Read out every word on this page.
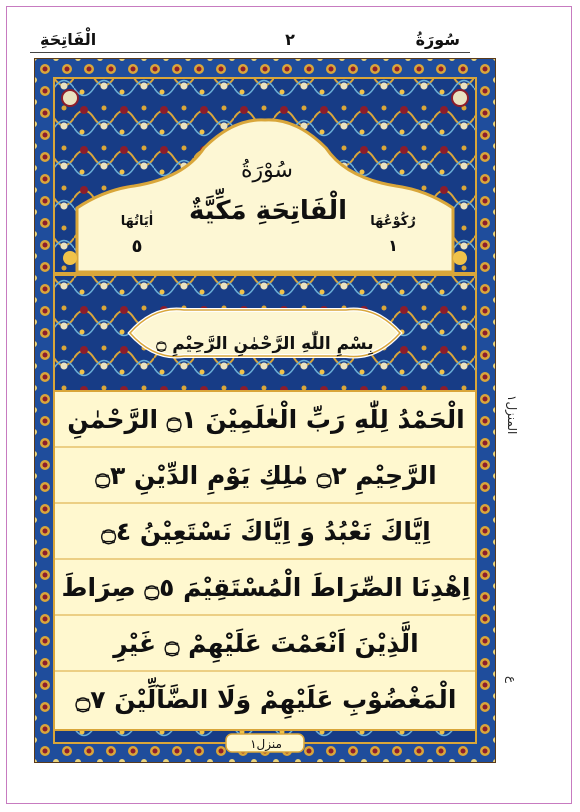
الْفَاتِحَةِ	٢	سُورَةُ
سُوْرَةُ
الْفَاتِحَةِ مَكِّيَّةٌ
اٰيَاتُهَا
٥
رُكُوْعُهَا
١
بِسْمِ اللّٰهِ الرَّحْمٰنِ الرَّحِيْمِ ۝
الْحَمْدُ لِلّٰهِ رَبِّ الْعٰلَمِيْنَ ۝١ الرَّحْمٰنِ
الرَّحِيْمِ ۝٢ مٰلِكِ يَوْمِ الدِّيْنِ ۝٣
اِيَّاكَ نَعْبُدُ وَ اِيَّاكَ نَسْتَعِيْنُ ۝٤
اِهْدِنَا الصِّرَاطَ الْمُسْتَقِيْمَ ۝٥ صِرَاطَ
الَّذِيْنَ اَنْعَمْتَ عَلَيْهِمْ ۝ غَيْرِ
الْمَغْضُوْبِ عَلَيْهِمْ وَلَا الضَّآلِّيْنَ ۝٧
المنزل١
ع
منزل١
